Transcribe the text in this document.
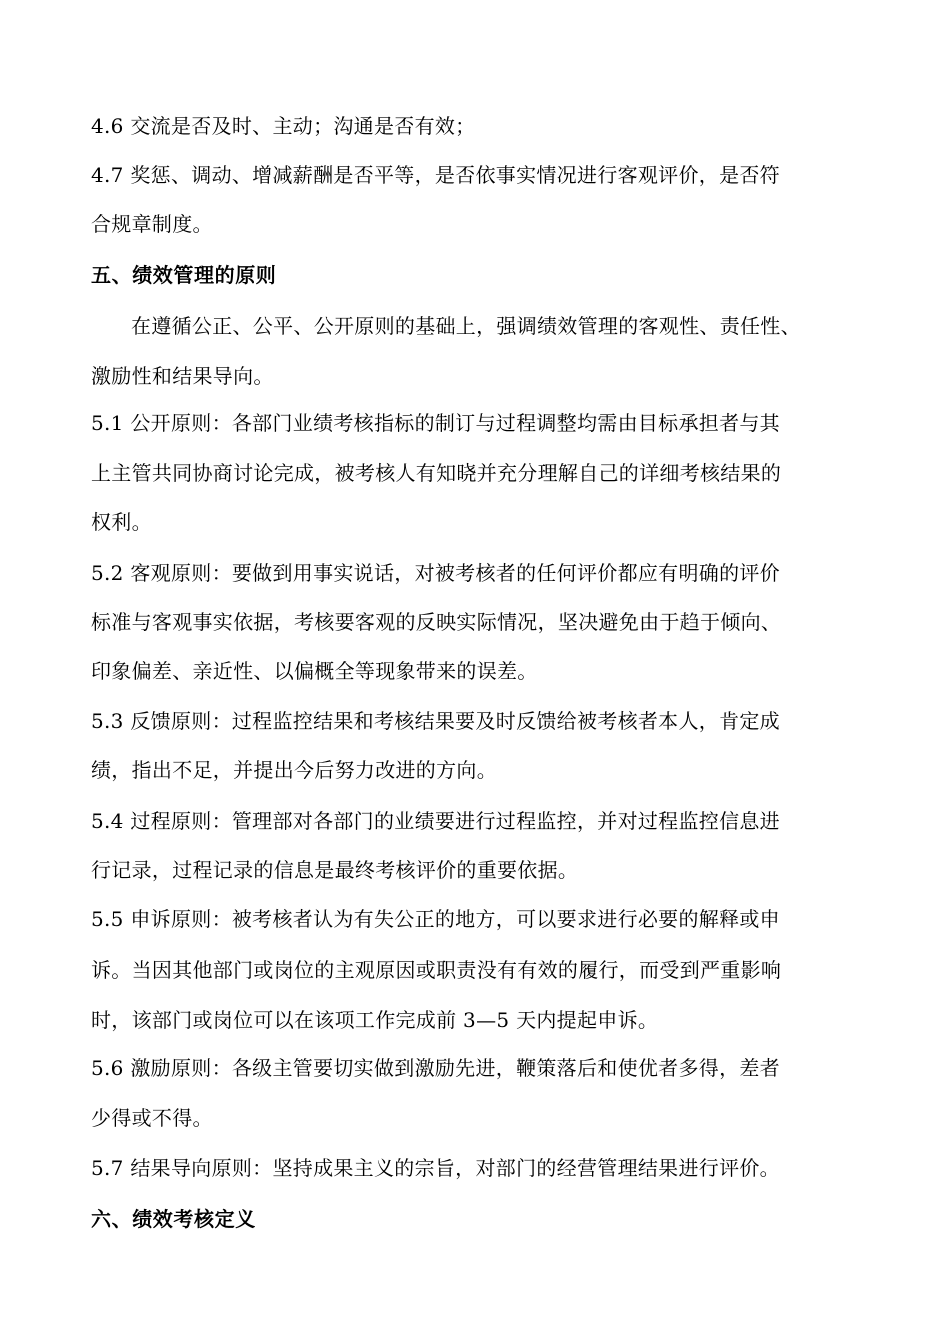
4.6 交流是否及时、主动；沟通是否有效；
4.7 奖惩、调动、增减薪酬是否平等，是否依事实情况进行客观评价，是否符
合规章制度。
五、绩效管理的原则
在遵循公正、公平、公开原则的基础上，强调绩效管理的客观性、责任性、
激励性和结果导向。
5.1 公开原则：各部门业绩考核指标的制订与过程调整均需由目标承担者与其
上主管共同协商讨论完成，被考核人有知晓并充分理解自己的详细考核结果的
权利。
5.2 客观原则：要做到用事实说话，对被考核者的任何评价都应有明确的评价
标准与客观事实依据，考核要客观的反映实际情况，坚决避免由于趋于倾向、
印象偏差、亲近性、以偏概全等现象带来的误差。
5.3 反馈原则：过程监控结果和考核结果要及时反馈给被考核者本人，肯定成
绩，指出不足，并提出今后努力改进的方向。
5.4 过程原则：管理部对各部门的业绩要进行过程监控，并对过程监控信息进
行记录，过程记录的信息是最终考核评价的重要依据。
5.5 申诉原则：被考核者认为有失公正的地方，可以要求进行必要的解释或申
诉。当因其他部门或岗位的主观原因或职责没有有效的履行，而受到严重影响
时，该部门或岗位可以在该项工作完成前 3—5 天内提起申诉。
5.6 激励原则：各级主管要切实做到激励先进，鞭策落后和使优者多得，差者
少得或不得。
5.7 结果导向原则：坚持成果主义的宗旨，对部门的经营管理结果进行评价。
六、绩效考核定义
